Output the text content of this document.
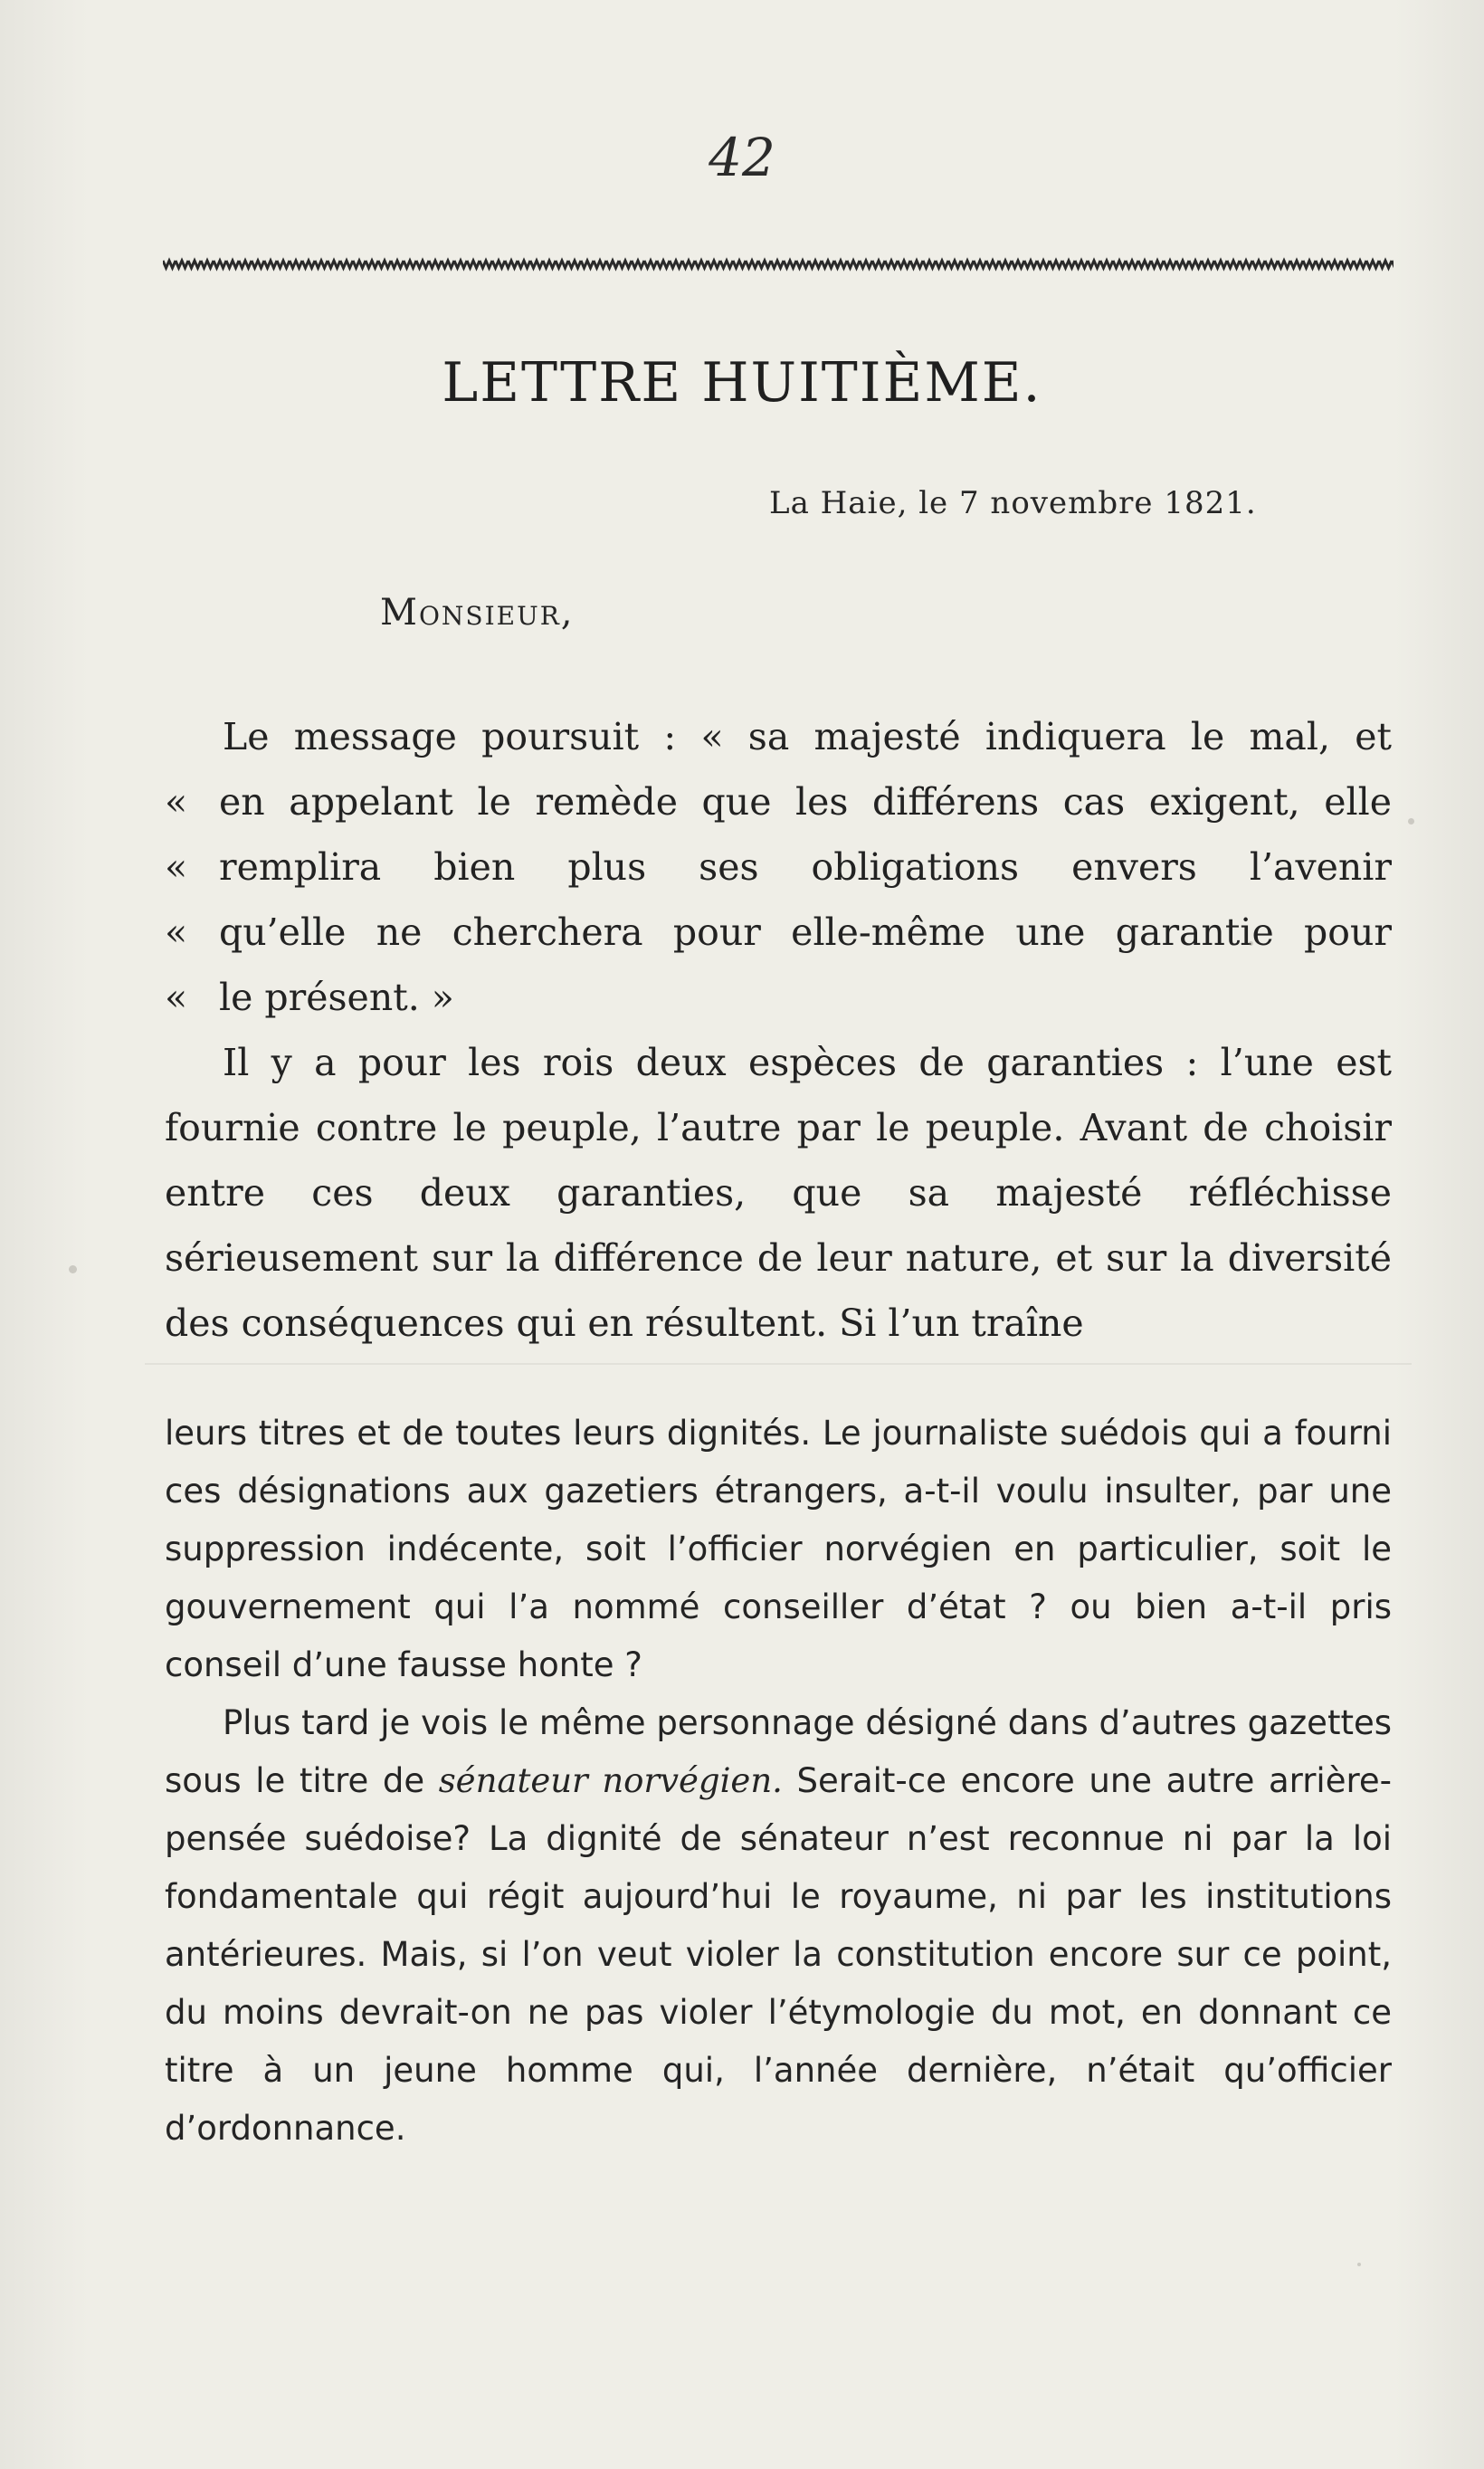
42
LETTRE HUITIÈME.
La Haie, le 7 novembre 1821.
Monsieur,

Le message poursuit : « sa majesté indiquera le mal, et
« en appelant le remède que les différens cas exigent, elle
« remplira bien plus ses obligations envers l’avenir
« qu’elle ne cherchera pour elle-même une garantie pour
« le présent. »

Il y a pour les rois deux espèces de garanties : l’une est fournie contre le peuple, l’autre par le peuple. Avant de choisir entre ces deux garanties, que sa majesté réfléchisse sérieusement sur la différence de leur nature, et sur la diversité des conséquences qui en résultent. Si l’un traîne

leurs titres et de toutes leurs dignités. Le journaliste suédois qui a fourni ces désignations aux gazetiers étrangers, a-t-il voulu insulter, par une suppression indécente, soit l’officier norvégien en particulier, soit le gouvernement qui l’a nommé conseiller d’état ? ou bien a-t-il pris conseil d’une fausse honte ?

Plus tard je vois le même personnage désigné dans d’autres gazettes sous le titre de sénateur norvégien. Serait-ce encore une autre arrière-pensée suédoise? La dignité de sénateur n’est reconnue ni par la loi fondamentale qui régit aujourd’hui le royaume, ni par les institutions antérieures. Mais, si l’on veut violer la constitution encore sur ce point, du moins devrait-on ne pas violer l’étymologie du mot, en donnant ce titre à un jeune homme qui, l’année dernière, n’était qu’officier d’ordonnance.
